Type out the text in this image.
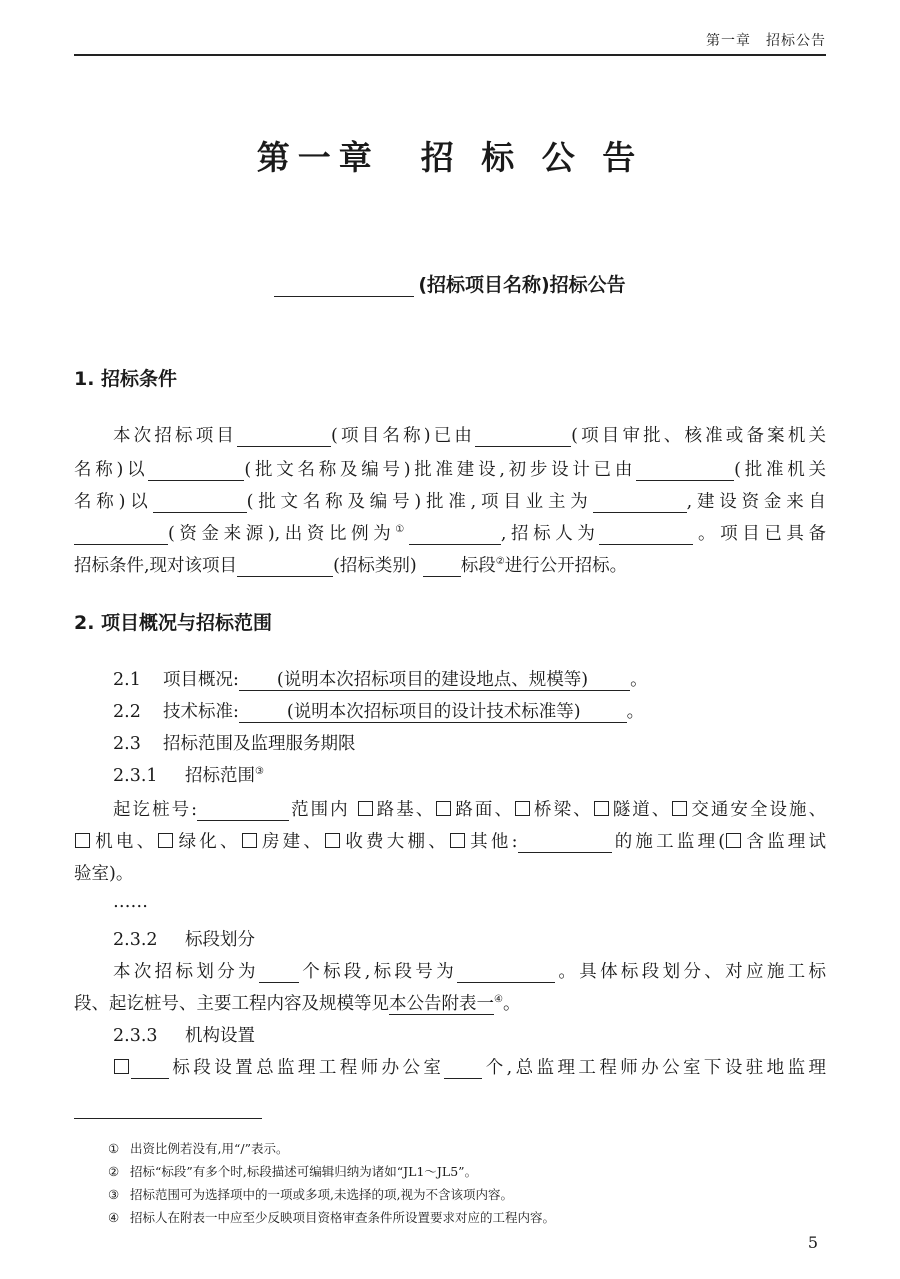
第一章　招标公告
第一章　招 标 公 告
(招标项目名称)招标公告
1. 招标条件
本次招标项目	(项目名称)已由	(项目审批、核准或备案机关
名称)以	(批文名称及编号)批准建设,初步设计已由	(批准机关
名称)以	(批文名称及编号)批准,项目业主为	,建设资金来自
(资金来源),出资比例为①	,招标人为	。项目已具备
招标条件,现对该项目	(招标类别)	标段②进行公开招标。
2. 项目概况与招标范围
2.1 项目概况: (说明本次招标项目的建设地点、规模等) 。
2.2 技术标准:	(说明本次招标项目的设计技术标准等)	。
2.3 招标范围及监理服务期限
2.3.1 招标范围③
起讫桩号:	范围内 路基、 路面、 桥梁、 隧道、 交通安全设施、
机电、 绿化、 房建、 收费大棚、 其他:	的施工监理( 含监理试
验室)。
……
2.3.2 标段划分
本次招标划分为 个标段,标段号为	。具体标段划分、对应施工标
段、起讫桩号、主要工程内容及规模等见本公告附表一④。
2.3.3 机构设置
标段设置总监理工程师办公室 个,总监理工程师办公室下设驻地监理
① 出资比例若没有,用“/”表示。
② 招标“标段”有多个时,标段描述可编辑归纳为诸如“JL1～JL5”。
③ 招标范围可为选择项中的一项或多项,未选择的项,视为不含该项内容。
④ 招标人在附表一中应至少反映项目资格审查条件所设置要求对应的工程内容。
5
